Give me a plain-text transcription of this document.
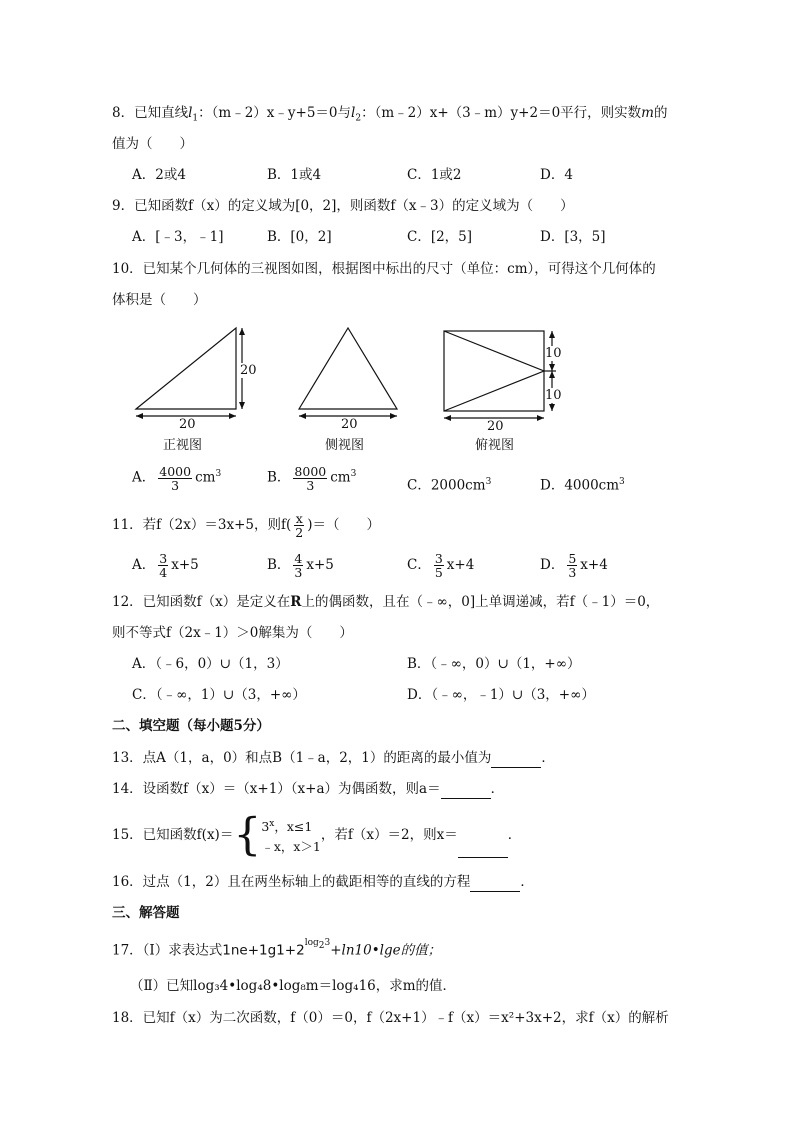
8．已知直线$l_1$：（m﹣2）x﹣y+5＝0与$l_2$：（m﹣2）x+（3﹣m）y+2＝0平行，则实数m的
值为（　　）
A．2或4	B．1或4	C．1或2	D．4
9．已知函数f（x）的定义域为[0，2]，则函数f（x﹣3）的定义域为（　　）
A．[﹣3，﹣1]	B．[0，2]	C．[2，5]	D．[3，5]
10．已知某个几何体的三视图如图，根据图中标出的尺寸（单位：cm），可得这个几何体的
体积是（　　）
20
20
正视图
20
侧视图
10
10
20
俯视图
A． $\frac{4000}{3} cm^3$	B． $\frac{8000}{3} cm^3$
C．$2000cm^3$	D．$4000cm^3$
11．若f（2x）＝3x+5，则$f( \frac{x}{2}$ )＝（　　）
A． $\frac{3}{4} x+5$	B． $\frac{4}{3} x+5$	C． $\frac{3}{5} x+4$	D． $\frac{5}{3} x+4$
12．已知函数f（x）是定义在R上的偶函数，且在（﹣∞，0]上单调递减，若f（﹣1）＝0，
则不等式f（2x﹣1）＞0解集为（　　）
A．（﹣6，0）∪（1，3）	B．（﹣∞，0）∪（1，+∞）
C．（﹣∞，1）∪（3，+∞）	D．（﹣∞，﹣1）∪（3，+∞）
二、填空题（每小题5分）
13．点A（1，a，0）和点B（1﹣a，2，1）的距离的最小值为	．
14．设函数f（x）＝（x+1）（x+a）为偶函数，则a＝	．
15．已知函数f(x)＝{ 3$^x$，x≤1
﹣x，x＞1
，若f（x）＝2，则x＝	．
16．过点（1，2）且在两坐标轴上的截距相等的直线的方程	．
三、解答题
17．（Ⅰ）求表达式$1ne+1g1+2^{log_23}+\ln 10•\lg e$的值；
（Ⅱ）已知log₃4•log₄8•log₈m＝log₄16，求m的值．
18．已知f（x）为二次函数，f（0）＝0，f（2x+1）﹣f（x）＝x²+3x+2，求f（x）的解析
